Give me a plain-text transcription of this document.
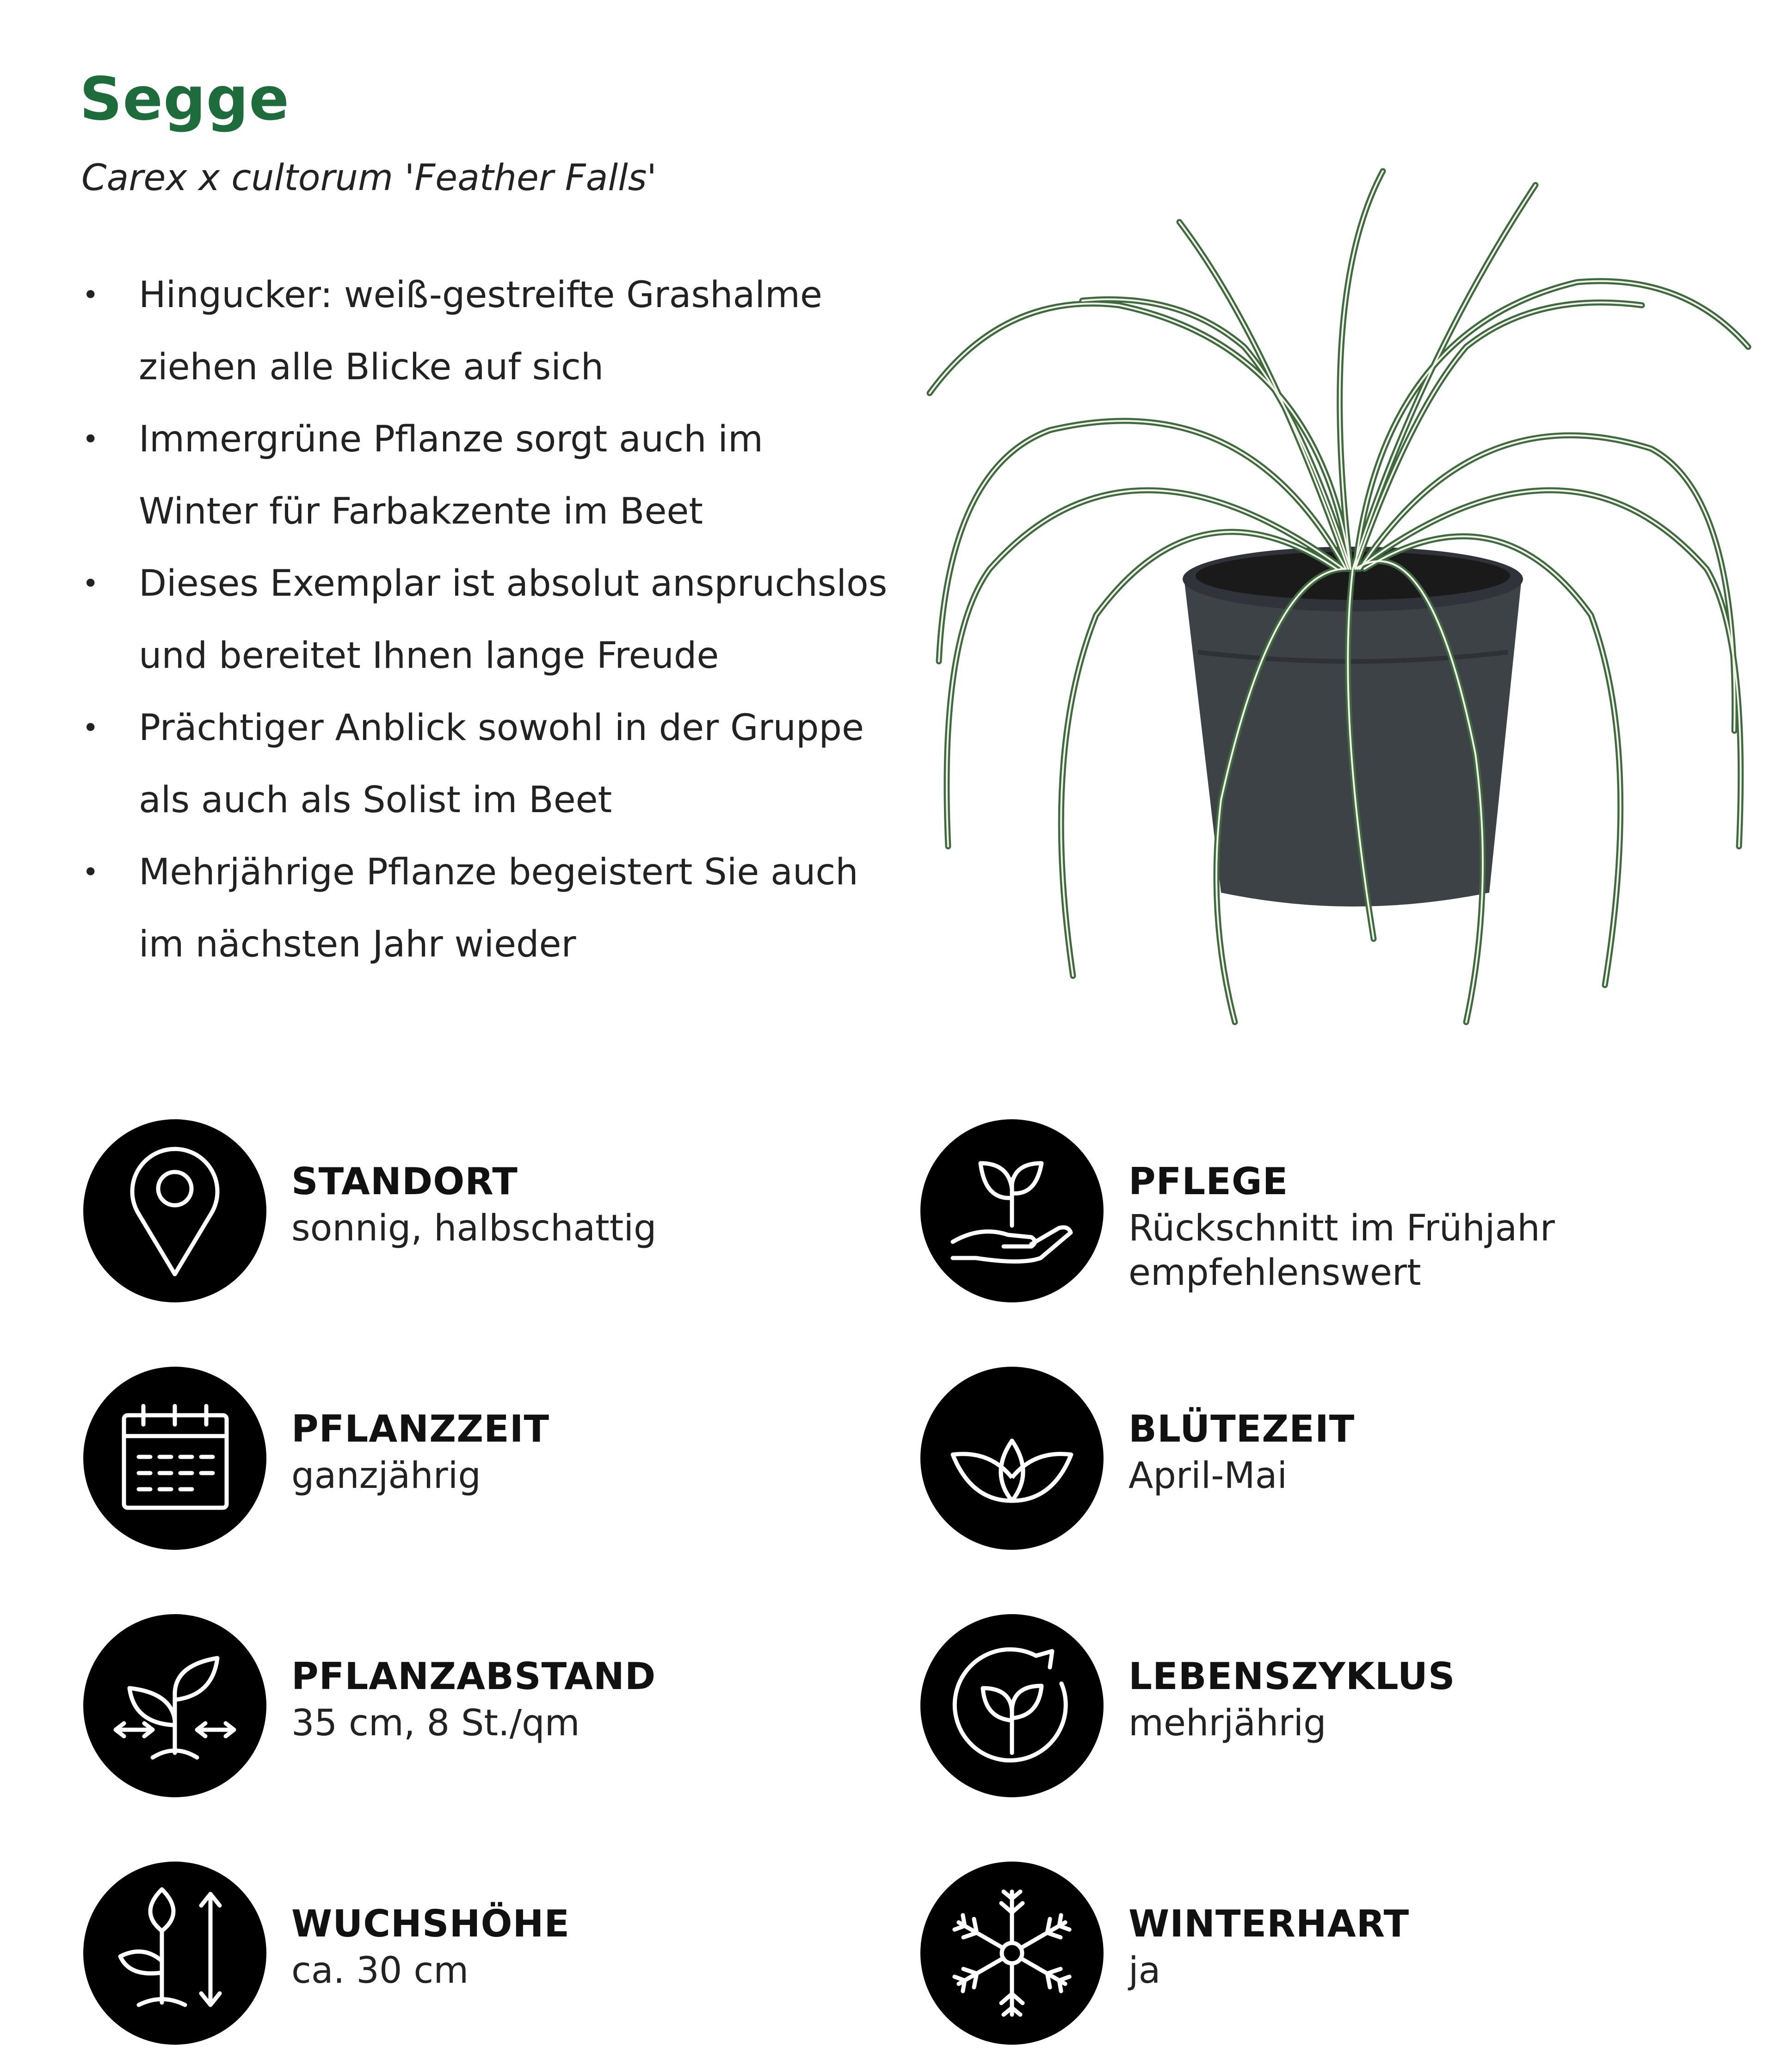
Segge
Carex x cultorum 'Feather Falls'
• Hingucker: weiß-gestreifte Grashalme ziehen alle Blicke auf sich
• Immergrüne Pflanze sorgt auch im Winter für Farbakzente im Beet
• Dieses Exemplar ist absolut anspruchslos und bereitet Ihnen lange Freude
• Prächtiger Anblick sowohl in der Gruppe als auch als Solist im Beet
• Mehrjährige Pflanze begeistert Sie auch im nächsten Jahr wieder
STANDORT
sonnig, halbschattig
PFLEGE
Rückschnitt im Frühjahr empfehlenswert
PFLANZZEIT
ganzjährig
BLÜTEZEIT
April-Mai
PFLANZABSTAND
35 cm, 8 St./qm
LEBENSZYKLUS
mehrjährig
WUCHSHÖHE
ca. 30 cm
WINTERHART
ja
